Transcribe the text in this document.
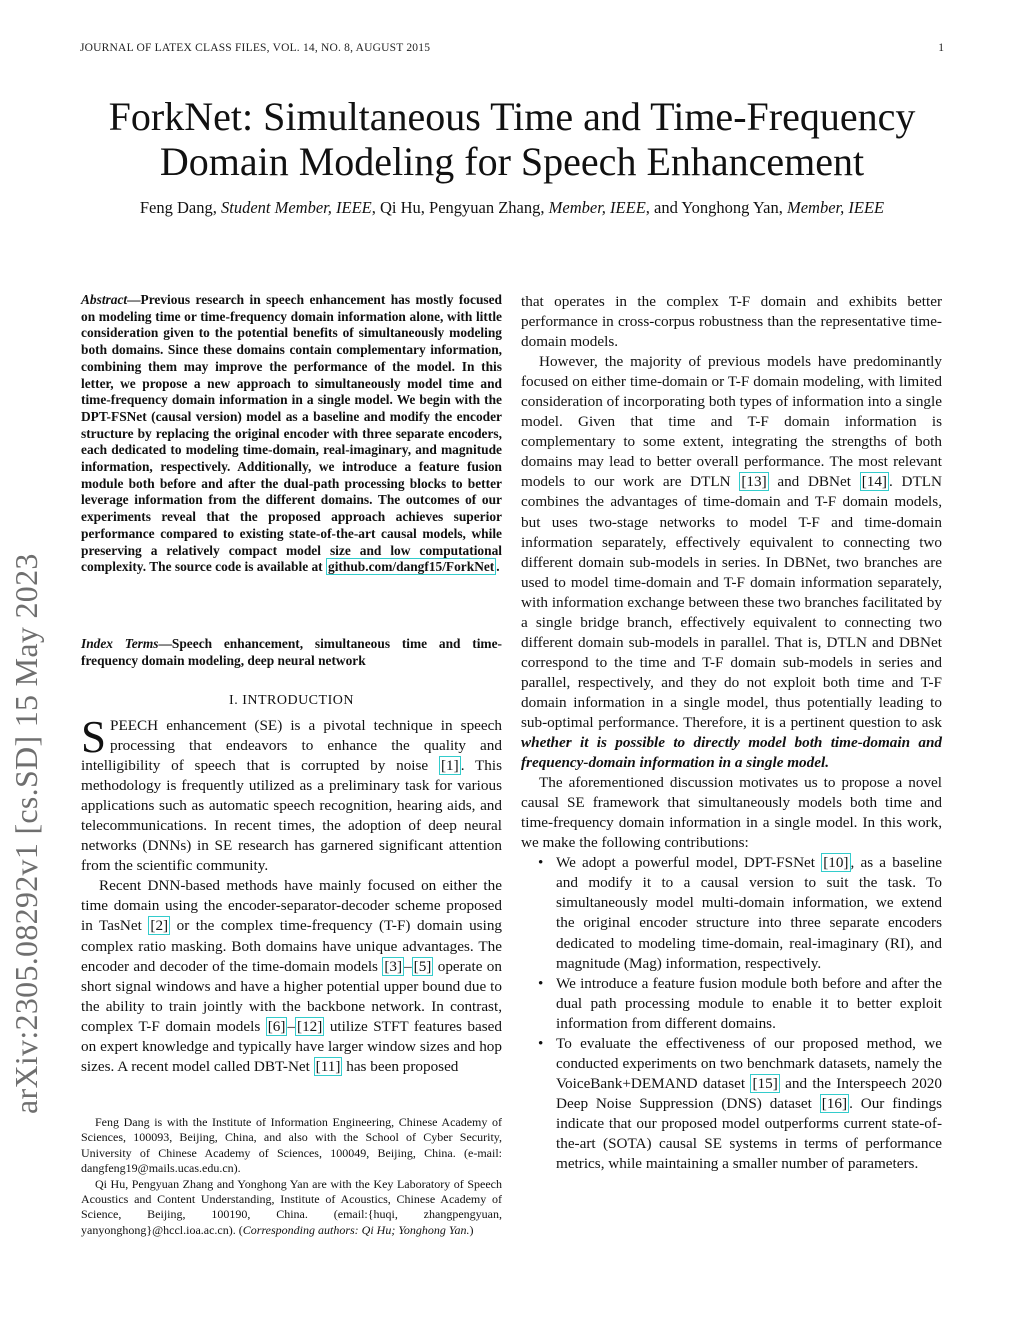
JOURNAL OF LATEX CLASS FILES, VOL. 14, NO. 8, AUGUST 2015	1
arXiv:2305.08292v1 [cs.SD] 15 May 2023
ForkNet: Simultaneous Time and Time-Frequency
Domain Modeling for Speech Enhancement
Feng Dang, Student Member, IEEE, Qi Hu, Pengyuan Zhang, Member, IEEE, and Yonghong Yan, Member, IEEE
Abstract—Previous research in speech enhancement has mostly focused on modeling time or time-frequency domain information alone, with little consideration given to the potential benefits of simultaneously modeling both domains. Since these domains contain complementary information, combining them may improve the performance of the model. In this letter, we propose a new approach to simultaneously model time and time-frequency domain information in a single model. We begin with the DPT-FSNet (causal version) model as a baseline and modify the encoder structure by replacing the original encoder with three separate encoders, each dedicated to modeling time-domain, real-imaginary, and magnitude information, respectively. Additionally, we introduce a feature fusion module both before and after the dual-path processing blocks to better leverage information from the different domains. The outcomes of our experiments reveal that the proposed approach achieves superior performance compared to existing state-of-the-art causal models, while preserving a relatively compact model size and low computational complexity. The source code is available at github.com/dangf15/ForkNet .
Index Terms—Speech enhancement, simultaneous time and time-frequency domain modeling, deep neural network
I. INTRODUCTION

SPEECH enhancement (SE) is a pivotal technique in speech processing that endeavors to enhance the quality and intelligibility of speech that is corrupted by noise [1] . This methodology is frequently utilized as a preliminary task for various applications such as automatic speech recognition, hearing aids, and telecommunications. In recent times, the adoption of deep neural networks (DNNs) in SE research has garnered significant attention from the scientific community.

Recent DNN-based methods have mainly focused on either the time domain using the encoder-separator-decoder scheme proposed in TasNet [2] or the complex time-frequency (T-F) domain using complex ratio masking. Both domains have unique advantages. The encoder and decoder of the time-domain models [3] – [5] operate on short signal windows and have a higher potential upper bound due to the ability to train jointly with the backbone network. In contrast, complex T-F domain models [6] – [12] utilize STFT features based on expert knowledge and typically have larger window sizes and hop sizes. A recent model called DBT-Net [11] has been proposed

Feng Dang is with the Institute of Information Engineering, Chinese Academy of Sciences, 100093, Beijing, China, and also with the School of Cyber Security, University of Chinese Academy of Sciences, 100049, Beijing, China. (e-mail: dangfeng19@mails.ucas.edu.cn).

Qi Hu, Pengyuan Zhang and Yonghong Yan are with the Key Laboratory of Speech Acoustics and Content Understanding, Institute of Acoustics, Chinese Academy of Science, Beijing, 100190, China. (email:{huqi, zhangpengyuan, yanyonghong}@hccl.ioa.ac.cn). (Corresponding authors: Qi Hu; Yonghong Yan.)

that operates in the complex T-F domain and exhibits better performance in cross-corpus robustness than the representative time-domain models.

However, the majority of previous models have predominantly focused on either time-domain or T-F domain modeling, with limited consideration of incorporating both types of information into a single model. Given that time and T-F domain information is complementary to some extent, integrating the strengths of both domains may lead to better overall performance. The most relevant models to our work are DTLN [13] and DBNet [14] . DTLN combines the advantages of time-domain and T-F domain models, but uses two-stage networks to model T-F and time-domain information separately, effectively equivalent to connecting two different domain sub-models in series. In DBNet, two branches are used to model time-domain and T-F domain information separately, with information exchange between these two branches facilitated by a single bridge branch, effectively equivalent to connecting two different domain sub-models in parallel. That is, DTLN and DBNet correspond to the time and T-F domain sub-models in series and parallel, respectively, and they do not exploit both time and T-F domain information in a single model, thus potentially leading to sub-optimal performance. Therefore, it is a pertinent question to ask whether it is possible to directly model both time-domain and frequency-domain information in a single model.

The aforementioned discussion motivates us to propose a novel causal SE framework that simultaneously models both time and time-frequency domain information in a single model. In this work, we make the following contributions:

• We adopt a powerful model, DPT-FSNet [10] , as a baseline and modify it to a causal version to suit the task. To simultaneously model multi-domain information, we extend the original encoder structure into three separate encoders dedicated to modeling time-domain, real-imaginary (RI), and magnitude (Mag) information, respectively.
• We introduce a feature fusion module both before and after the dual path processing module to enable it to better exploit information from different domains.
• To evaluate the effectiveness of our proposed method, we conducted experiments on two benchmark datasets, namely the VoiceBank+DEMAND dataset [15] and the Interspeech 2020 Deep Noise Suppression (DNS) dataset [16] . Our findings indicate that our proposed model outperforms current state-of-the-art (SOTA) causal SE systems in terms of performance metrics, while maintaining a smaller number of parameters.
